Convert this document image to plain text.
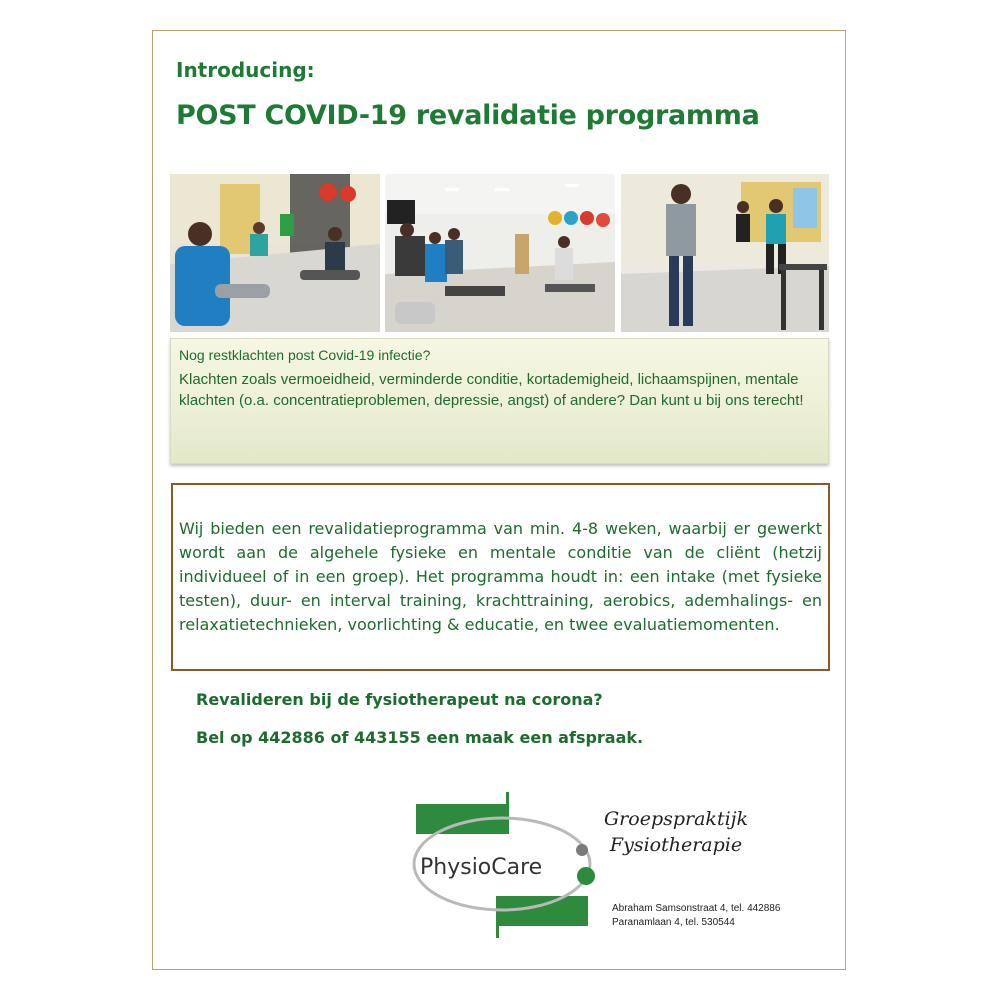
Introducing:
POST COVID-19 revalidatie programma

Nog restklachten post Covid-19 infectie?

Klachten zoals vermoeidheid, verminderde conditie, kortademigheid, lichaamspijnen, mentale klachten (o.a. concentratieproblemen, depressie, angst) of andere? Dan kunt u bij ons terecht!

Wij bieden een revalidatieprogramma van min. 4-8 weken, waarbij er gewerkt wordt aan de algehele fysieke en mentale conditie van de cliënt (hetzij individueel of in een groep). Het programma houdt in: een intake (met fysieke testen), duur- en interval training, krachttraining, aerobics, ademhalings- en relaxatietechnieken, voorlichting & educatie, en twee evaluatiemomenten.
Revalideren bij de fysiotherapeut na corona?
Bel op 442886 of 443155 een maak een afspraak.
PhysioCare
Groepspraktijk
Fysiotherapie
Abraham Samsonstraat 4, tel. 442886
Paranamlaan 4, tel. 530544
